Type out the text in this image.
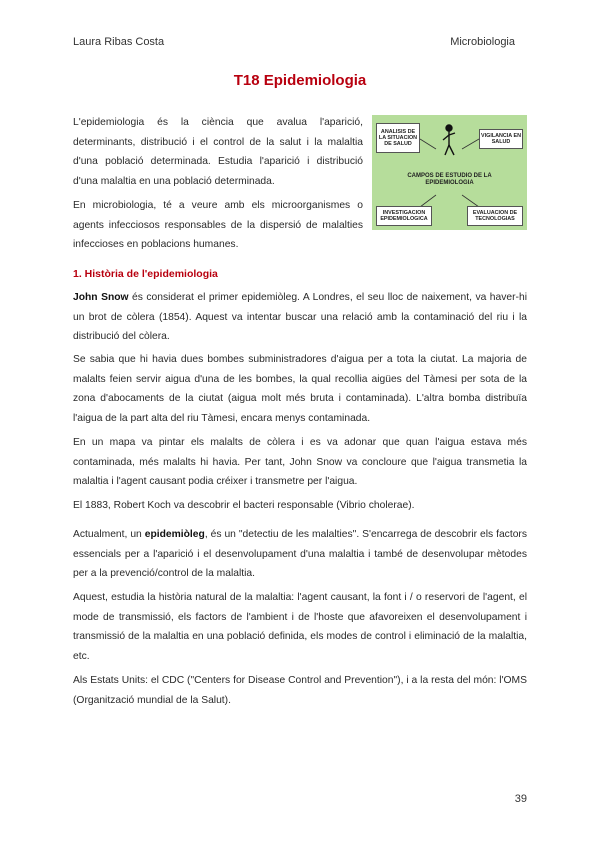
Laura Ribas Costa	Microbiologia
T18 Epidemiologia

L'epidemiologia és la ciència que avalua l'aparició, determinants, distribució i el control de la salut i la malaltia d'una població determinada. Estudia l'aparició i distribució d'una malaltia en una població determinada.

En microbiologia, té a veure amb els microorganismes o agents infecciosos responsables de la dispersió de malalties infeccioses en poblacions humanes.

ANALISIS DE LA SITUACION DE SALUD
VIGILANCIA EN SALUD
CAMPOS DE ESTUDIO DE LA EPIDEMIOLOGIA
INVESTIGACION EPIDEMIOLOGICA
EVALUACION DE TECNOLOGIAS
1. Història de l'epidemiologia

John Snow és considerat el primer epidemiòleg. A Londres, el seu lloc de naixement, va haver-hi un brot de còlera (1854). Aquest va intentar buscar una relació amb la contaminació del riu i la distribució del còlera.

Se sabia que hi havia dues bombes subministradores d'aigua per a tota la ciutat. La majoria de malalts feien servir aigua d'una de les bombes, la qual recollia aigües del Tàmesi per sota de la zona d'abocaments de la ciutat (aigua molt més bruta i contaminada). L'altra bomba distribuïa l'aigua de la part alta del riu Tàmesi, encara menys contaminada.

En un mapa va pintar els malalts de còlera i es va adonar que quan l'aigua estava més contaminada, més malalts hi havia. Per tant, John Snow va concloure que l'aigua transmetia la malaltia i l'agent causant podia créixer i transmetre per l'aigua.

El 1883, Robert Koch va descobrir el bacteri responsable (Vibrio cholerae).

Actualment, un epidemiòleg, és un "detectiu de les malalties". S'encarrega de descobrir els factors essencials per a l'aparició i el desenvolupament d'una malaltia i també de desenvolupar mètodes per a la prevenció/control de la malaltia.

Aquest, estudia la història natural de la malaltia: l'agent causant, la font i / o reservori de l'agent, el mode de transmissió, els factors de l'ambient i de l'hoste que afavoreixen el desenvolupament i transmissió de la malaltia en una població definida, els modes de control i eliminació de la malaltia, etc.

Als Estats Units: el CDC ("Centers for Disease Control and Prevention"), i a la resta del món: l'OMS (Organització mundial de la Salut).

39
